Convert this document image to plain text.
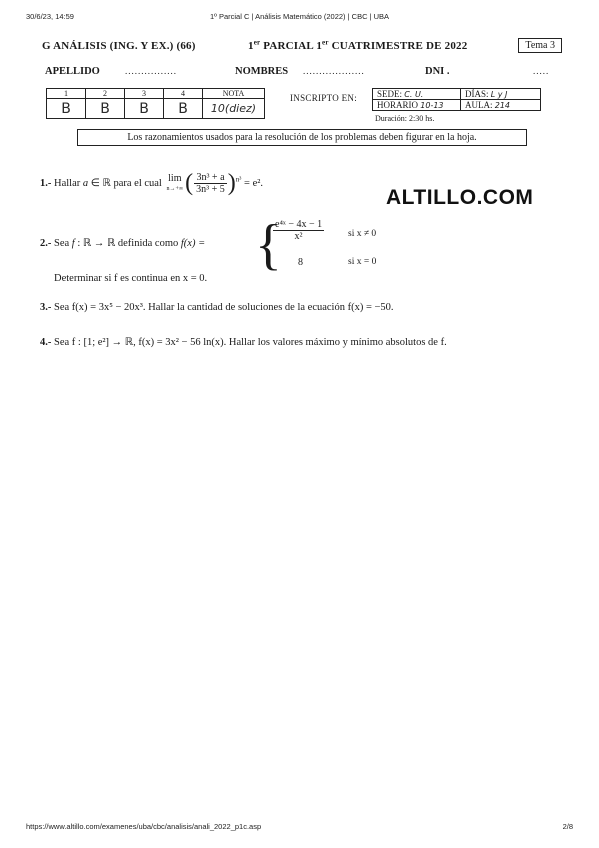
30/6/23, 14:59	1º Parcial C | Análisis Matemático (2022) | CBC | UBA
G ANÁLISIS (ING. Y EX.) (66)	1er PARCIAL 1er CUATRIMESTRE DE 2022	Tema 3
APELLIDO	................	NOMBRES ...................	DNI .	.....
1	2	3	4	NOTA
B	B	B	B	10(diez)
INSCRIPTO EN: SEDE: C. U.	DÍAS: L y J
HORARIO 10-13	AULA: 214
Duración: 2:30 hs.
Los razonamientos usados para la resolución de los problemas deben figurar en la hoja.
1.- Hallar a ∈ ℝ para el cual lim
n→+∞ ( $\frac{\text{3n³ + a}}{\text{3n³ + 5}} )^{n^3} = e^2$.
ALTILLO.COM
2.- Sea f : ℝ → ℝ definida como f(x) = {
$\frac{\text{e⁴ˣ − 4x − 1}}{\text{x²}}$	si x ≠ 0
8	si x = 0
Determinar si f es continua en x = 0.
3.- Sea f(x) = 3x⁵ − 20x³. Hallar la cantidad de soluciones de la ecuación f(x) = −50.
4.- Sea f : [1; e²] → ℝ, f(x) = 3x² − 56 ln(x). Hallar los valores máximo y mínimo absolutos de f.
https://www.altillo.com/examenes/uba/cbc/analisis/anali_2022_p1c.asp	2/8
